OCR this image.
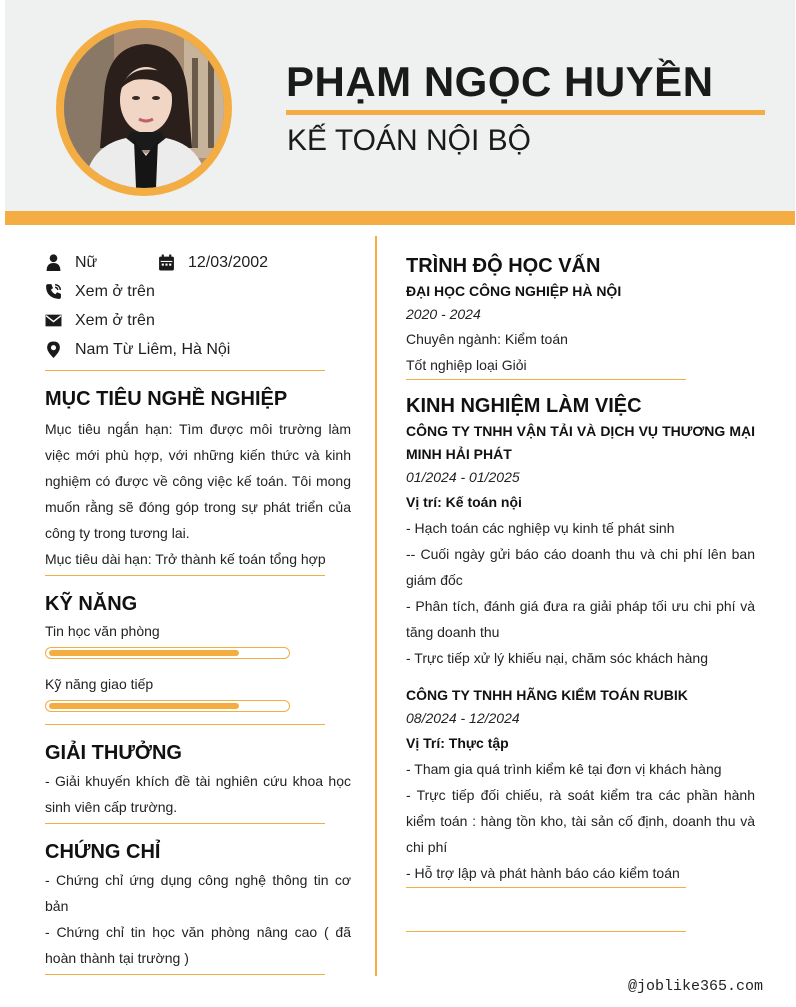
PHẠM NGỌC HUYỀN
KẾ TOÁN NỘI BỘ
Nữ	12/03/2002
Xem ở trên
Xem ở trên
Nam Từ Liêm, Hà Nội
MỤC TIÊU NGHỀ NGHIỆP
Mục tiêu ngắn hạn: Tìm được môi trường làm việc mới phù hợp, với những kiến thức và kinh nghiệm có được về công việc kế toán. Tôi mong muốn rằng sẽ đóng góp trong sự phát triển của công ty trong tương lai.
Mục tiêu dài hạn: Trở thành kế toán tổng hợp
KỸ NĂNG
Tin học văn phòng
Kỹ năng giao tiếp
GIẢI THƯỞNG
- Giải khuyến khích đề tài nghiên cứu khoa học sinh viên cấp trường.
CHỨNG CHỈ
- Chứng chỉ ứng dụng công nghệ thông tin cơ bản
- Chứng chỉ tin học văn phòng nâng cao ( đã hoàn thành tại trường )
TRÌNH ĐỘ HỌC VẤN
ĐẠI HỌC CÔNG NGHIỆP HÀ NỘI
2020 - 2024
Chuyên ngành: Kiểm toán
Tốt nghiệp loại Giỏi
KINH NGHIỆM LÀM VIỆC
CÔNG TY TNHH VẬN TẢI VÀ DỊCH VỤ THƯƠNG MẠI MINH HẢI PHÁT
01/2024 - 01/2025
Vị trí: Kế toán nội
- Hạch toán các nghiệp vụ kinh tế phát sinh
-- Cuối ngày gửi báo cáo doanh thu và chi phí lên ban giám đốc
- Phân tích, đánh giá đưa ra giải pháp tối ưu chi phí và tăng doanh thu
- Trực tiếp xử lý khiếu nại, chăm sóc khách hàng
CÔNG TY TNHH HÃNG KIỂM TOÁN RUBIK
08/2024 - 12/2024
Vị Trí: Thực tập
- Tham gia quá trình kiểm kê tại đơn vị khách hàng
- Trực tiếp đối chiếu, rà soát kiểm tra các phần hành kiểm toán : hàng tồn kho, tài sản cố định, doanh thu và chi phí
- Hỗ trợ lập và phát hành báo cáo kiểm toán
@joblike365.com
